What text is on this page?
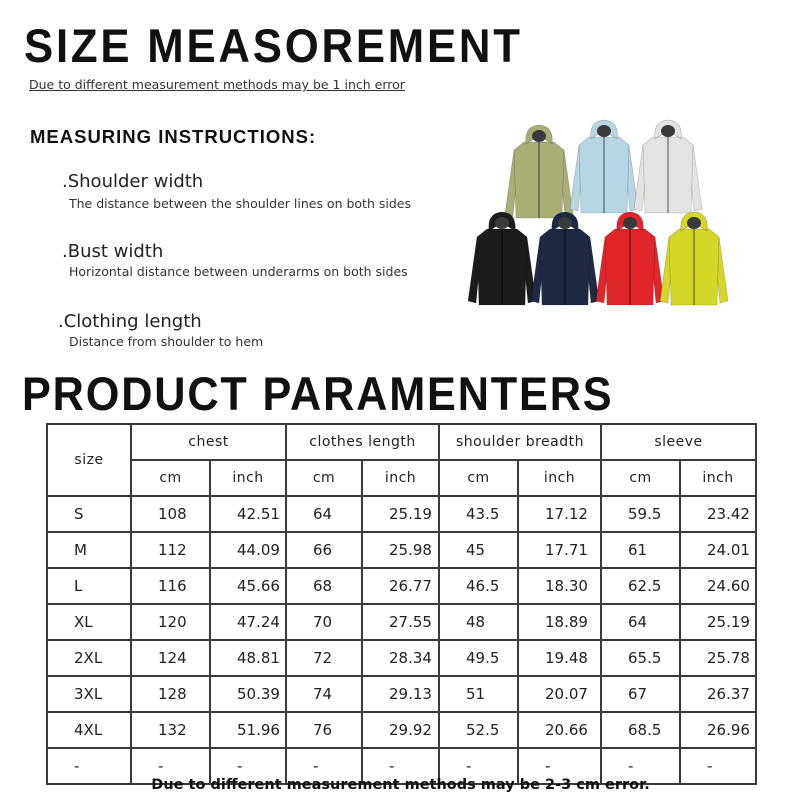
SIZE MEASOREMENT
Due to different measurement methods may be 1 inch error
MEASURING INSTRUCTIONS:
.Shoulder width
The distance between the shoulder lines on both sides
.Bust width
Horizontal distance between underarms on both sides
.Clothing length
Distance from shoulder to hem
PRODUCT PARAMENTERS
size	chest		clothes length		shoulder breadth		sleeve	
	cm	inch	cm	inch	cm	inch	cm	inch
S	108	42.51	64	25.19	43.5	17.12	59.5	23.42
M	112	44.09	66	25.98	45	17.71	61	24.01
L	116	45.66	68	26.77	46.5	18.30	62.5	24.60
XL	120	47.24	70	27.55	48	18.89	64	25.19
2XL	124	48.81	72	28.34	49.5	19.48	65.5	25.78
3XL	128	50.39	74	29.13	51	20.07	67	26.37
4XL	132	51.96	76	29.92	52.5	20.66	68.5	26.96
-	-	-	-	-	-	-	-	-
Due to different measurement methods may be 2-3 cm error.
